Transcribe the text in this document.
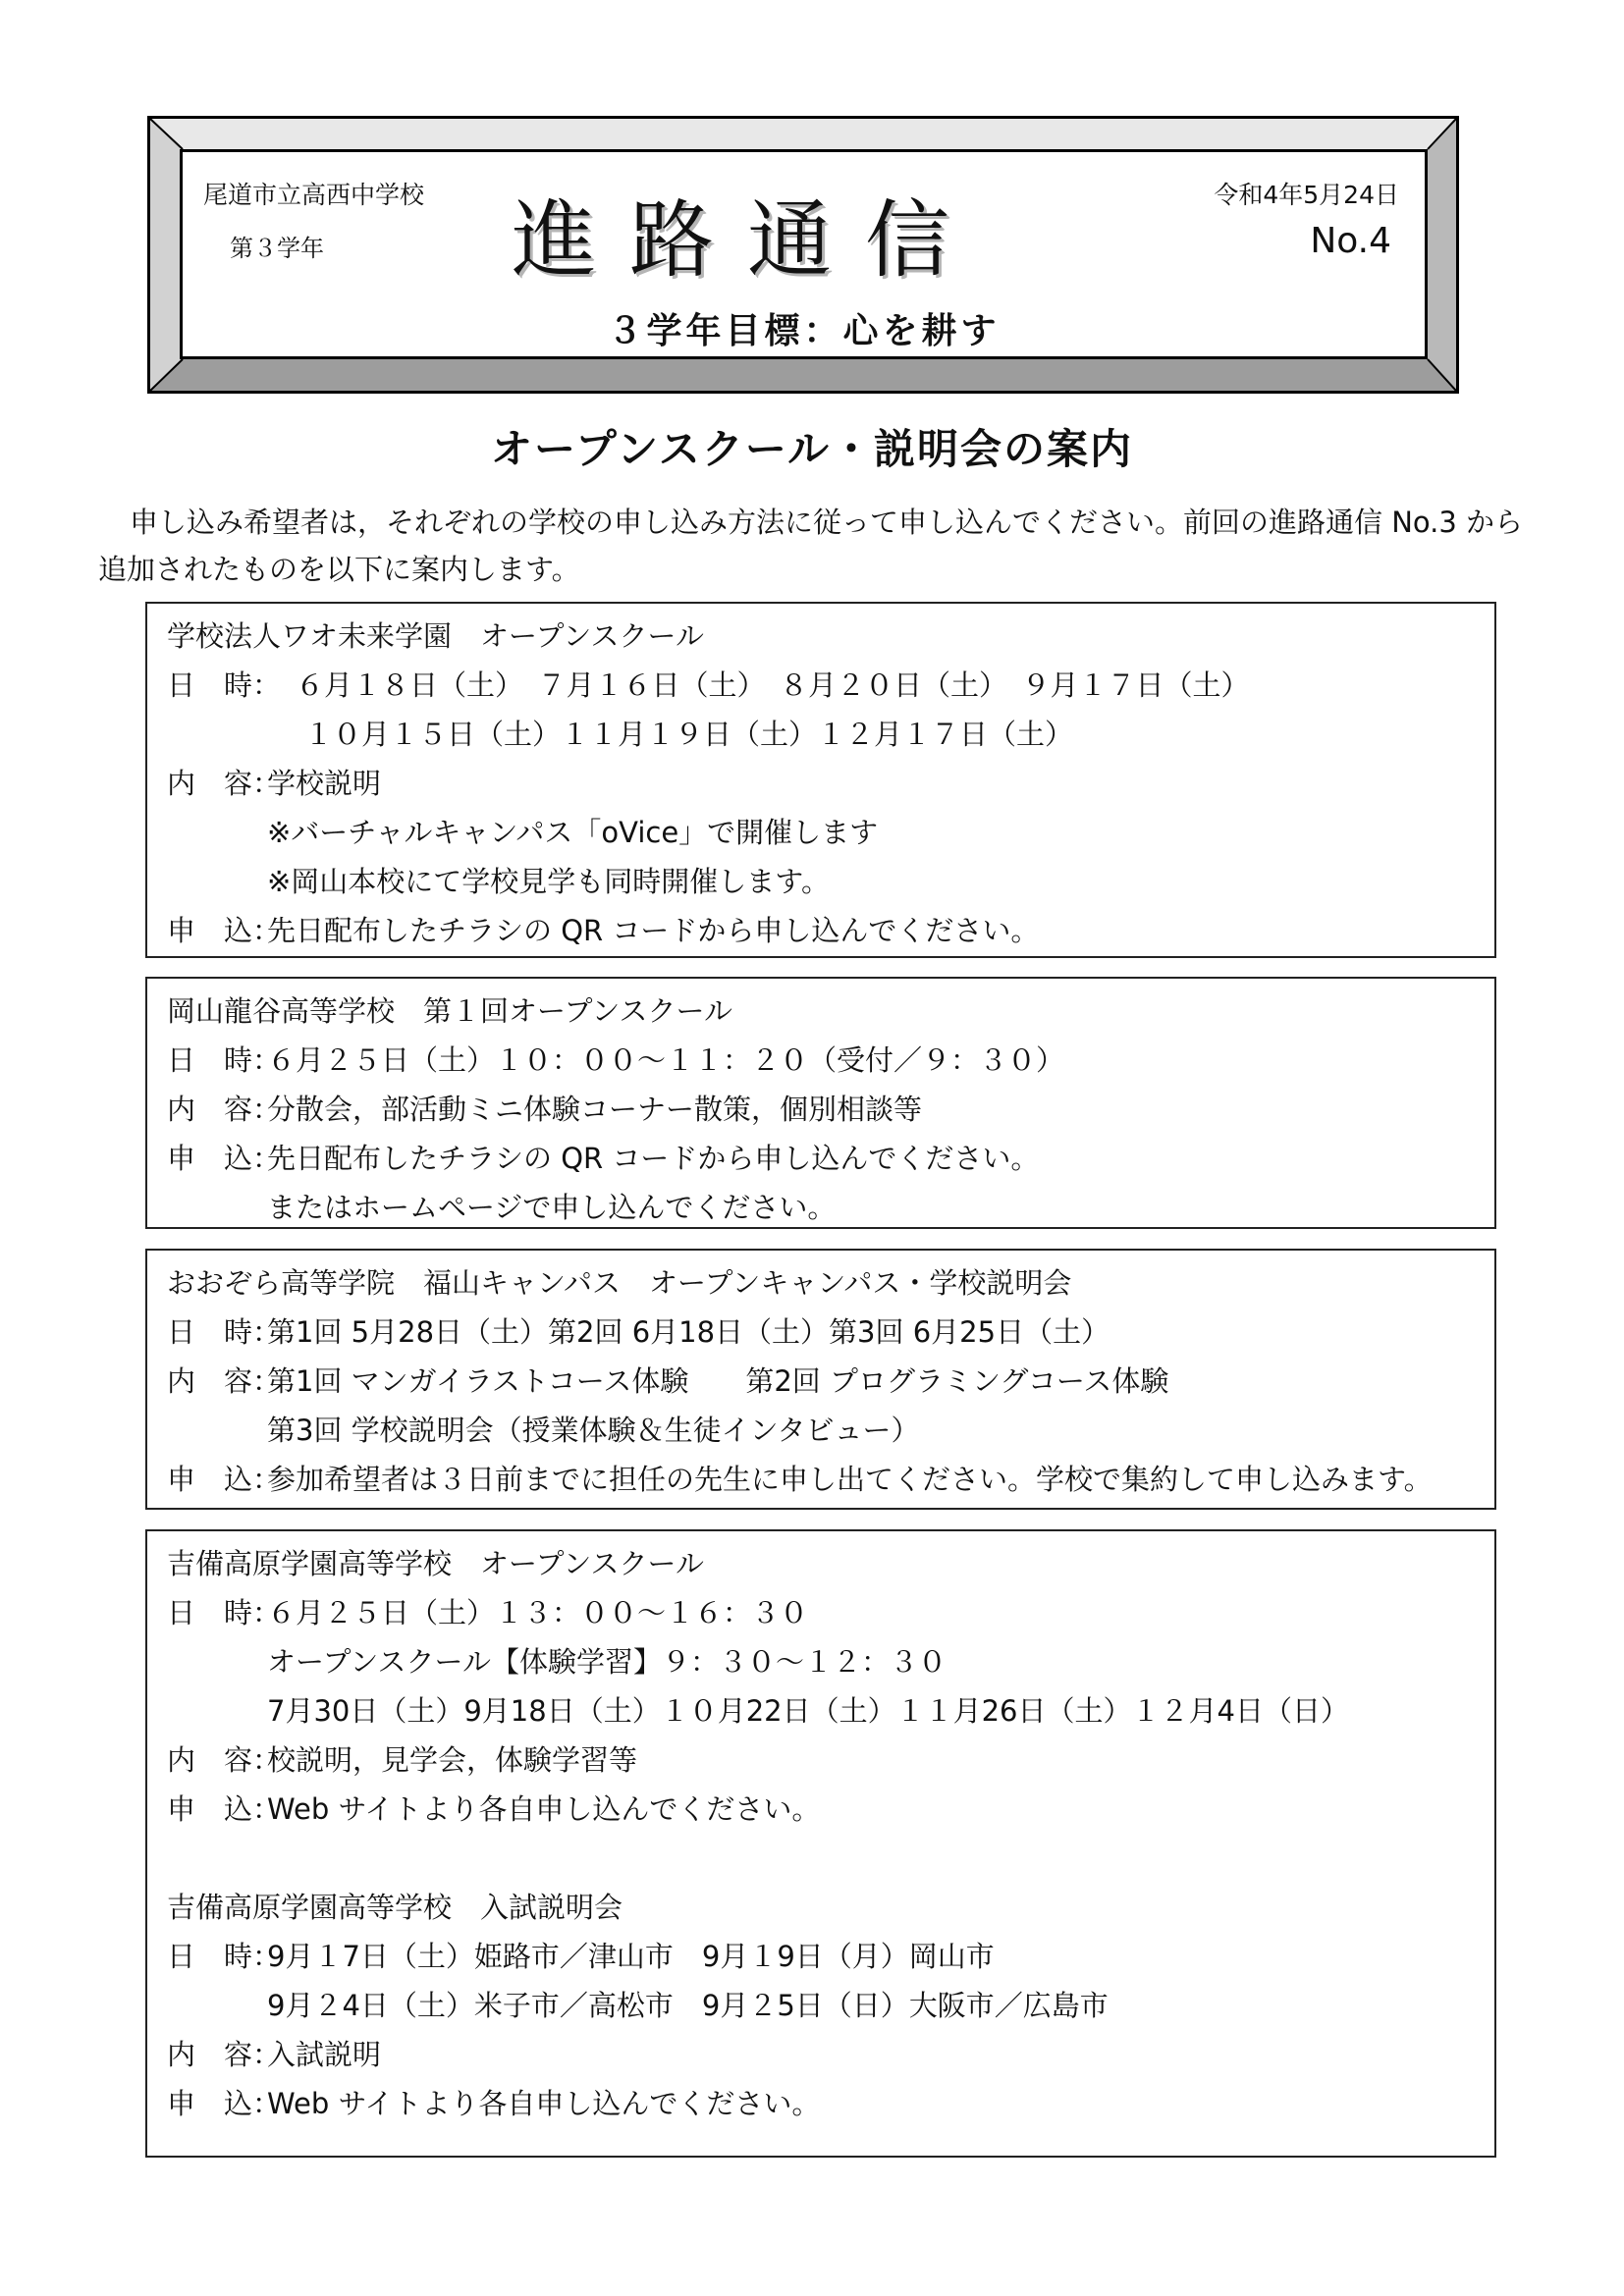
尾道市立高西中学校
第３学年 進路通信	令和4年5月24日
No.4
３学年目標：心を耕す
オープンスクール・説明会の案内
申し込み希望者は，それぞれの学校の申し込み方法に従って申し込んでください。前回の進路通信 No.3 から追加されたものを以下に案内します。
学校法人ワオ未来学園　オープンスクール
日　時：
　６月１８日（土）　７月１６日（土）　８月２０日（土）　９月１７日（土）
１０月１５日（土）１１月１９日（土）１２月１７日（土）
内　容：
学校説明
※バーチャルキャンパス「oVice」で開催します
※岡山本校にて学校見学も同時開催します。
申　込：
先日配布したチラシの QR コードから申し込んでください。
岡山龍谷高等学校　第１回オープンスクール
日　時：
６月２５日（土）１０：００～１１：２０（受付／９：３０）
内　容：
分散会，部活動ミニ体験コーナー散策，個別相談等
申　込：
先日配布したチラシの QR コードから申し込んでください。
またはホームページで申し込んでください。
おおぞら高等学院　福山キャンパス　オープンキャンパス・学校説明会
日　時：
第1回 5月28日（土）第2回 6月18日（土）第3回 6月25日（土）
内　容：
第1回 マンガイラストコース体験　　第2回 プログラミングコース体験
第3回 学校説明会（授業体験＆生徒インタビュー）
申　込：
参加希望者は３日前までに担任の先生に申し出てください。学校で集約して申し込みます。
吉備高原学園高等学校　オープンスクール
日　時：
６月２５日（土）１３：００～１６：３０
オープンスクール【体験学習】９：３０～１２：３０
7月30日（土）9月18日（土）１０月22日（土）１１月26日（土）１２月4日（日）
内　容：
校説明，見学会，体験学習等
申　込：
Web サイトより各自申し込んでください。
吉備高原学園高等学校　入試説明会
日　時：
9月１7日（土）姫路市／津山市　9月１9日（月）岡山市
9月２4日（土）米子市／高松市　9月２5日（日）大阪市／広島市
内　容：
入試説明
申　込：
Web サイトより各自申し込んでください。
